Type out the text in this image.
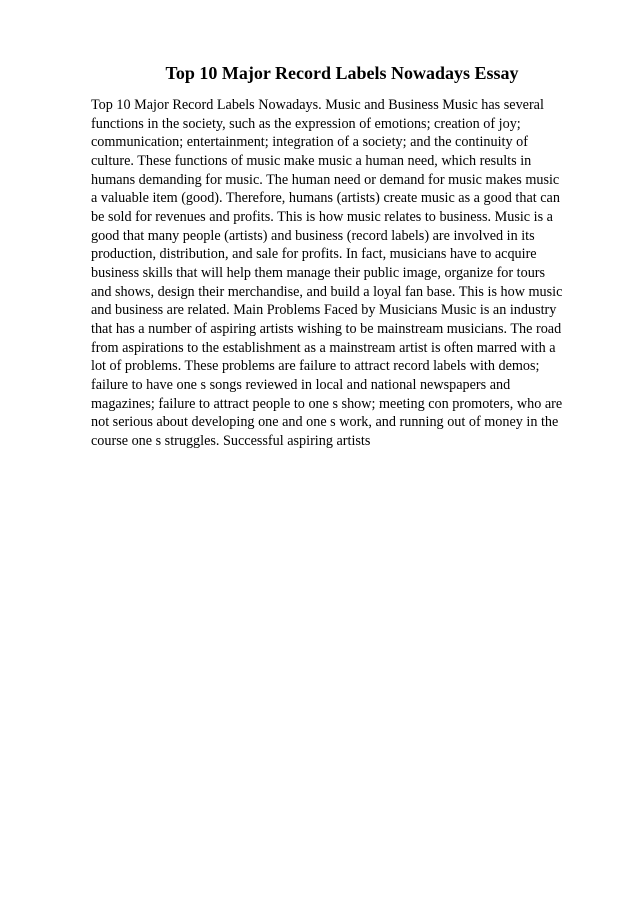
Top 10 Major Record Labels Nowadays Essay

Top 10 Major Record Labels Nowadays. Music and Business Music has several
functions in the society, such as the expression of emotions; creation of joy;
communication; entertainment; integration of a society; and the continuity of
culture. These functions of music make music a human need, which results in
humans demanding for music. The human need or demand for music makes music
a valuable item (good). Therefore, humans (artists) create music as a good that can
be sold for revenues and profits. This is how music relates to business. Music is a
good that many people (artists) and business (record labels) are involved in its
production, distribution, and sale for profits. In fact, musicians have to acquire
business skills that will help them manage their public image, organize for tours
and shows, design their merchandise, and build a loyal fan base. This is how music
and business are related. Main Problems Faced by Musicians Music is an industry
that has a number of aspiring artists wishing to be mainstream musicians. The road
from aspirations to the establishment as a mainstream artist is often marred with a
lot of problems. These problems are failure to attract record labels with demos;
failure to have one s songs reviewed in local and national newspapers and
magazines; failure to attract people to one s show; meeting con promoters, who are
not serious about developing one and one s work, and running out of money in the
course one s struggles. Successful aspiring artists
